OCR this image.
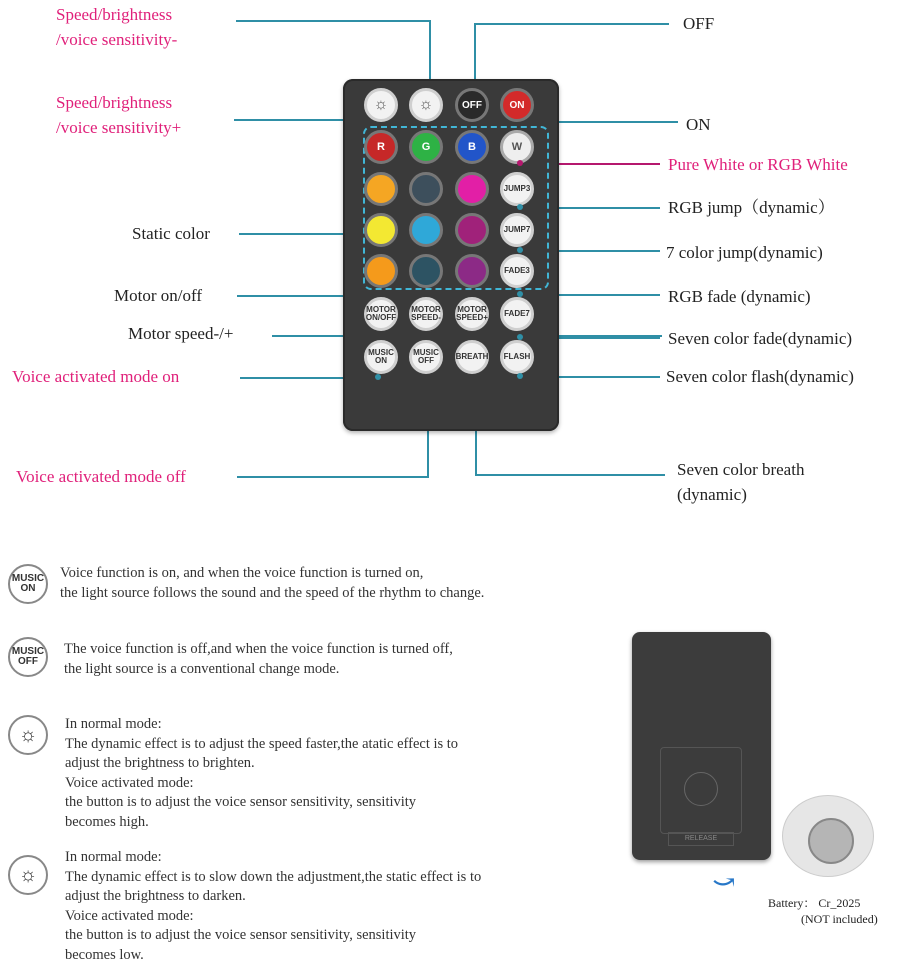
Speed/brightness
/voice sensitivity-
Speed/brightness
/voice sensitivity+
Static color
Motor on/off
Motor speed-/+
Voice activated mode on
Voice activated mode off
OFF
ON
Pure White or RGB White
RGB jump（dynamic）
7 color jump(dynamic)
RGB fade (dynamic)
Seven color fade(dynamic)
Seven color flash(dynamic)
Seven color breath
(dynamic)
☼	☼	OFF	ON
R	G	B	W
JUMP3
JUMP7
FADE3
MOTOR
ON/OFF
MOTOR
SPEED-
MOTOR
SPEED+	FADE7
MUSIC
ON
MUSIC
OFF	BREATH	FLASH
MUSIC
ON
Voice function is on, and when the voice function is turned on,
the light source follows the sound and the speed of the rhythm to change.
MUSIC
OFF
The voice function is off,and when the voice function is turned off,
the light source is a conventional change mode.
☼	In normal mode:
The dynamic effect is to adjust the speed faster,the atatic effect is to
adjust the brightness to brighten.
Voice activated mode:
the button is to adjust the voice sensor sensitivity, sensitivity
becomes high.
☼
In normal mode:
The dynamic effect is to slow down the adjustment,the static effect is to
adjust the brightness to darken.
Voice activated mode:
the button is to adjust the voice sensor sensitivity, sensitivity
becomes low.
RELEASE
⤻
Battery： Cr_2025
(NOT included)
